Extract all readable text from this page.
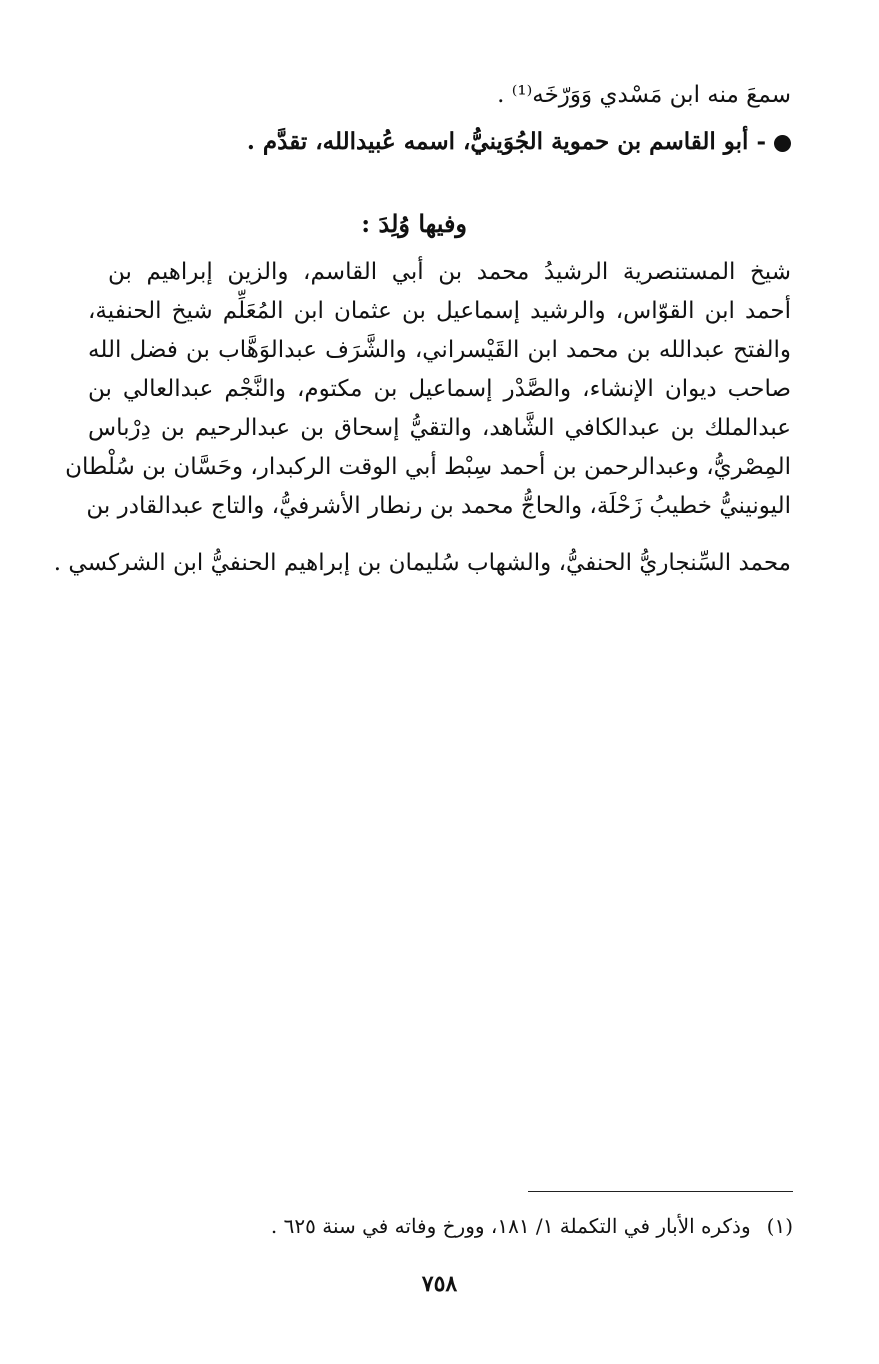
سمعَ منه ابن مَسْدي وَوَرّخَه⁽¹⁾ .
- أبو القاسم بن حموية الجُوَينيُّ، اسمه عُبيدالله، تقدَّم .
وفيها وُلِدَ :
شيخ المستنصرية الرشيدُ محمد بن أبي القاسم، والزين إبراهيم بن
أحمد ابن القوّاس، والرشيد إسماعيل بن عثمان ابن المُعَلِّم شيخ الحنفية،
والفتح عبدالله بن محمد ابن القَيْسراني، والشَّرَف عبدالوَهَّاب بن فضل الله
صاحب ديوان الإنشاء، والصَّدْر إسماعيل بن مكتوم، والنَّجْم عبدالعالي بن
عبدالملك بن عبدالكافي الشَّاهد، والتقيُّ إسحاق بن عبدالرحيم بن دِرْباس
المِصْريُّ، وعبدالرحمن بن أحمد سِبْط أبي الوقت الركبدار، وحَسَّان بن سُلْطان
اليونينيُّ خطيبُ زَحْلَة، والحاجُّ محمد بن رنطار الأشرفيُّ، والتاج عبدالقادر بن
محمد السِّنجاريُّ الحنفيُّ، والشهاب سُليمان بن إبراهيم الحنفيُّ ابن الشركسي .
(١)وذكره الأبار في التكملة ١/ ١٨١، وورخ وفاته في سنة ٦٢٥ .
٧٥٨
